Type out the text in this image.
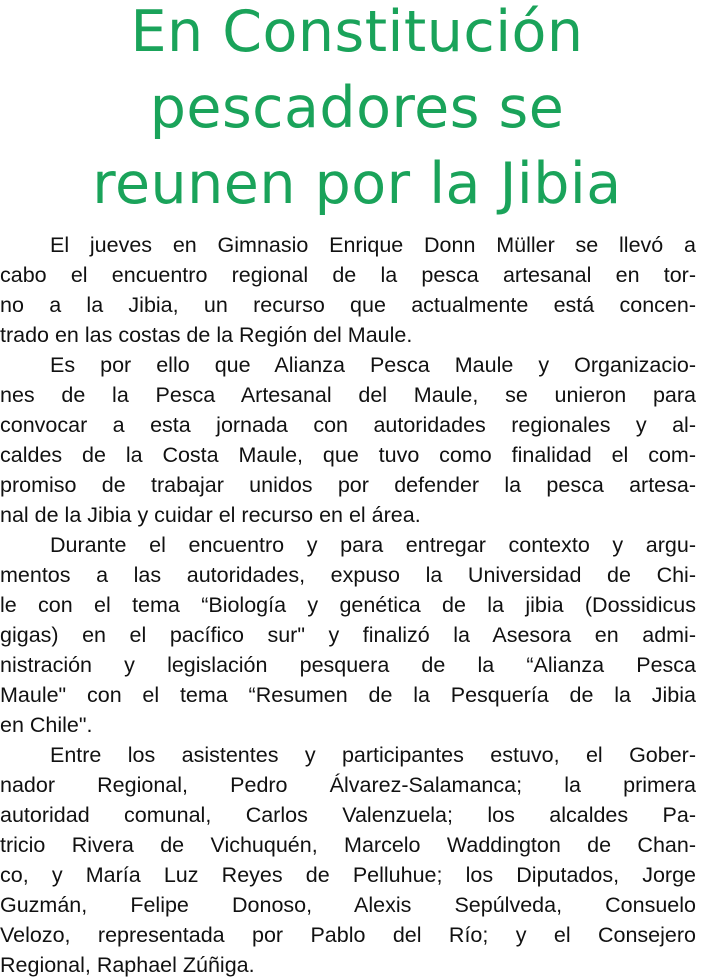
En Constitución
pescadores se
reunen por la Jibia
El jueves en Gimnasio Enrique Donn Müller se llevó a
cabo el encuentro regional de la pesca artesanal en tor-
no a la Jibia, un recurso que actualmente está concen-
trado en las costas de la Región del Maule.
Es por ello que Alianza Pesca Maule y Organizacio-
nes de la Pesca Artesanal del Maule, se unieron para
convocar a esta jornada con autoridades regionales y al-
caldes de la Costa Maule, que tuvo como finalidad el com-
promiso de trabajar unidos por defender la pesca artesa-
nal de la Jibia y cuidar el recurso en el área.
Durante el encuentro y para entregar contexto y argu-
mentos a las autoridades, expuso la Universidad de Chi-
le con el tema “Biología y genética de la jibia (Dossidicus
gigas) en el pacífico sur" y finalizó la Asesora en admi-
nistración y legislación pesquera de la “Alianza Pesca
Maule" con el tema “Resumen de la Pesquería de la Jibia
en Chile".
Entre los asistentes y participantes estuvo, el Gober-
nador Regional, Pedro Álvarez-Salamanca; la primera
autoridad comunal, Carlos Valenzuela; los alcaldes Pa-
tricio Rivera de Vichuquén, Marcelo Waddington de Chan-
co, y María Luz Reyes de Pelluhue; los Diputados, Jorge
Guzmán, Felipe Donoso, Alexis Sepúlveda, Consuelo
Velozo, representada por Pablo del Río; y el Consejero
Regional, Raphael Zúñiga.
